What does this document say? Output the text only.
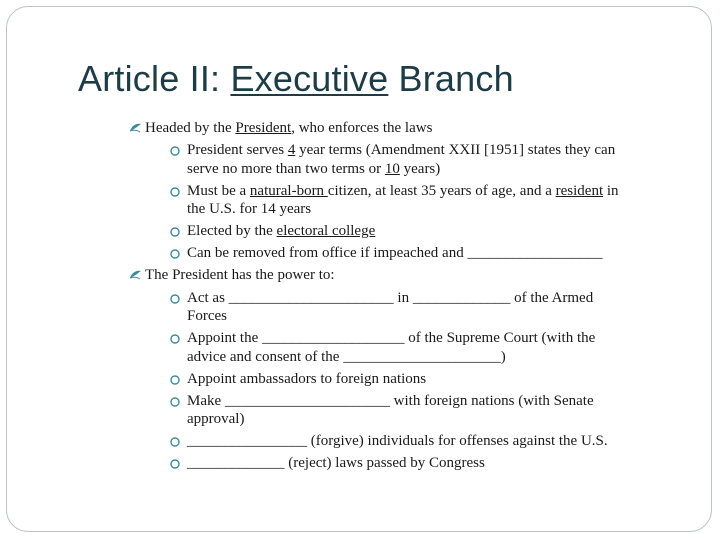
Article II: Executive Branch
Headed by the President, who enforces the laws
President serves 4 year terms (Amendment XXII [1951] states they can
serve no more than two terms or 10 years)
Must be a natural-born citizen, at least 35 years of age, and a resident in
the U.S. for 14 years
Elected by the electoral college
Can be removed from office if impeached and __________________
The President has the power to:
Act as ______________________ in _____________ of the Armed
Forces
Appoint the ___________________ of the Supreme Court (with the
advice and consent of the _____________________)
Appoint ambassadors to foreign nations
Make ______________________ with foreign nations (with Senate
approval)
________________ (forgive) individuals for offenses against the U.S.
_____________ (reject) laws passed by Congress
